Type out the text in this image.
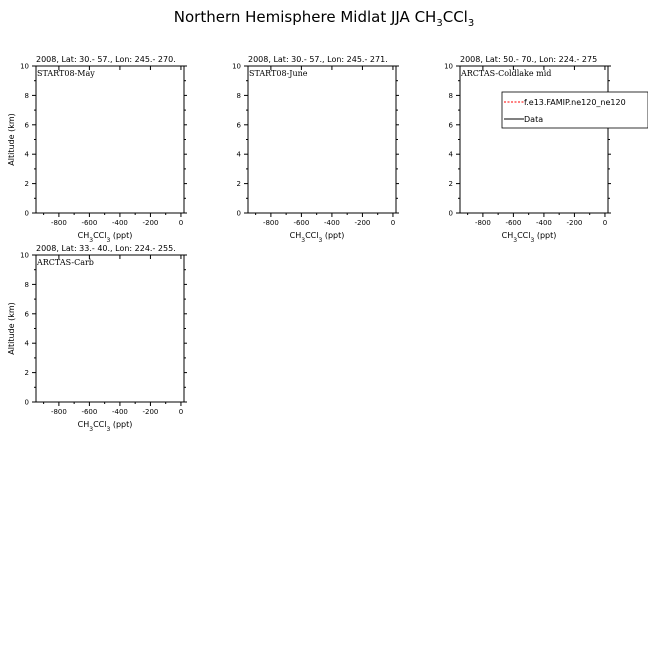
Northern Hemisphere Midlat JJA $CH_3CCl_3$
-800 -600 -400 -200	0
0
2
4
6
8
10
2008, Lat: 30.- 57., Lon: 245.- 270.
START08-May
$CH_3CCl_3$ (ppt)
Altitude (km)
-800 -600 -400 -200	0
0
2
4
6
8
10
2008, Lat: 30.- 57., Lon: 245.- 271.
START08-June
$CH_3CCl_3$ (ppt)
-800 -600 -400 -200	0
0
2
4
6
8
10
2008, Lat: 50.- 70., Lon: 224.- 275
ARCTAS-Coldlake mid
$CH_3CCl_3$ (ppt)
f.e13.FAMIP.ne120_ne120
Data
-800 -600 -400 -200	0
0
2
4
6
8
10
2008, Lat: 33.- 40., Lon: 224.- 255.
ARCTAS-Carb
$CH_3CCl_3$ (ppt)
Altitude (km)
